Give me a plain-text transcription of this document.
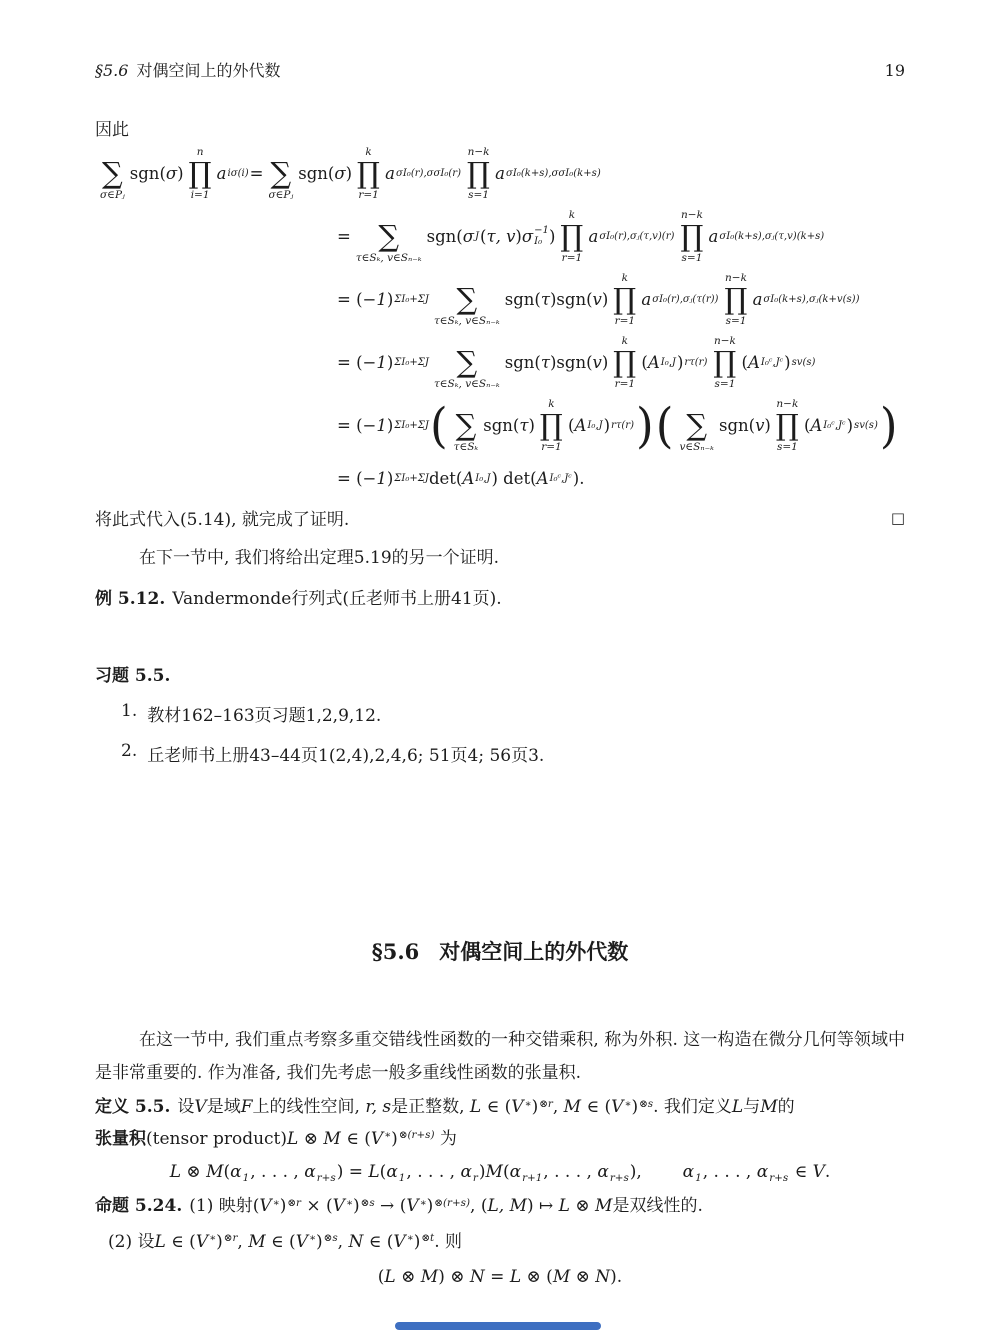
§5.6 对偶空间上的外代数	19
因此

∑
σ∈Pⱼ
sgn( σ )
n
∏
i=1
a iσ(i) =
∑
σ∈Pⱼ
sgn( σ )
k
∏
r=1
a σI₀(r),σσI₀(r)
n−k
∏
s=1
a σI₀(k+s),σσI₀(k+s)
=
∑
τ∈Sₖ, v∈Sₙ₋ₖ
sgn( σ J ( τ, v ) σ −1
I₀ )
k
∏
r=1
a σI₀(r),σⱼ(τ,v)(r)
n−k
∏
s=1
a σI₀(k+s),σⱼ(τ,v)(k+s)
= ( −1 ) ΣI₀+ΣJ
∑
τ∈Sₖ, v∈Sₙ₋ₖ
sgn( τ )sgn( v )
k
∏
r=1
a σI₀(r),σⱼ(τ(r))
n−k
∏
s=1
a σI₀(k+s),σⱼ(k+v(s))
= ( −1 ) ΣI₀+ΣJ
∑
τ∈Sₖ, v∈Sₙ₋ₖ
sgn( τ )sgn( v )
k
∏
r=1
( A I₀,J ) rτ(r)
n−k
∏
s=1
( A I₀ᶜ,Jᶜ ) sv(s)
= ( −1 ) ΣI₀+ΣJ (
∑
τ∈Sₖ
sgn( τ )
k
∏
r=1
( A I₀,J ) rτ(r) ) (
∑
v∈Sₙ₋ₖ
sgn( v )
n−k
∏
s=1
( A I₀ᶜ,Jᶜ ) sv(s) )
= ( −1 ) ΣI₀+ΣJ det( A I₀,J ) det( A I₀ᶜ,Jᶜ ).
将此式代入(5.14), 就完成了证明.	□
在下一节中, 我们将给出定理5.19的另一个证明.
例 5.12. Vandermonde行列式(丘老师书上册41页).
习题 5.5.
1. 教材162–163页习题1,2,9,12.
2. 丘老师书上册43–44页1(2,4),2,4,6; 51页4; 56页3.
§5.6 对偶空间上的外代数
在这一节中, 我们重点考察多重交错线性函数的一种交错乘积, 称为外积. 这一构造在微分几何等领域中是非常重要的. 作为准备, 我们先考虑一般多重线性函数的张量积.
定义 5.5. 设V是域F上的线性空间, r, s是正整数, L ∈ $(V^∗)^{\otimes r}$, M ∈ $(V^∗)^{\otimes s}$. 我们定义L与M的
张量积(tensor product)L ⊗ M ∈ $(V^∗)^{\otimes(r+s)}$ 为
L ⊗ $M(\alpha_1$, . . . , $\alpha_{r+s}) = L(\alpha_1$, . . . , $\alpha_r)M(\alpha_{r+1}$, . . . , $\alpha_{r+s}$), $\alpha_1$, . . . , $\alpha_{r+s}$ ∈ V.
命题 5.24. (1) 映射$(V^∗)^{\otimes r} \times (V^∗)^{\otimes s} \to (V^∗)^{\otimes(r+s)}$, (L, M) ↦ L ⊗ M是双线性的.
(2) 设L ∈ $(V^∗)^{\otimes r}$, M ∈ $(V^∗)^{\otimes s}$, N ∈ $(V^∗)^{\otimes t}$. 则
(L ⊗ M) ⊗ N = L ⊗ (M ⊗ N).
